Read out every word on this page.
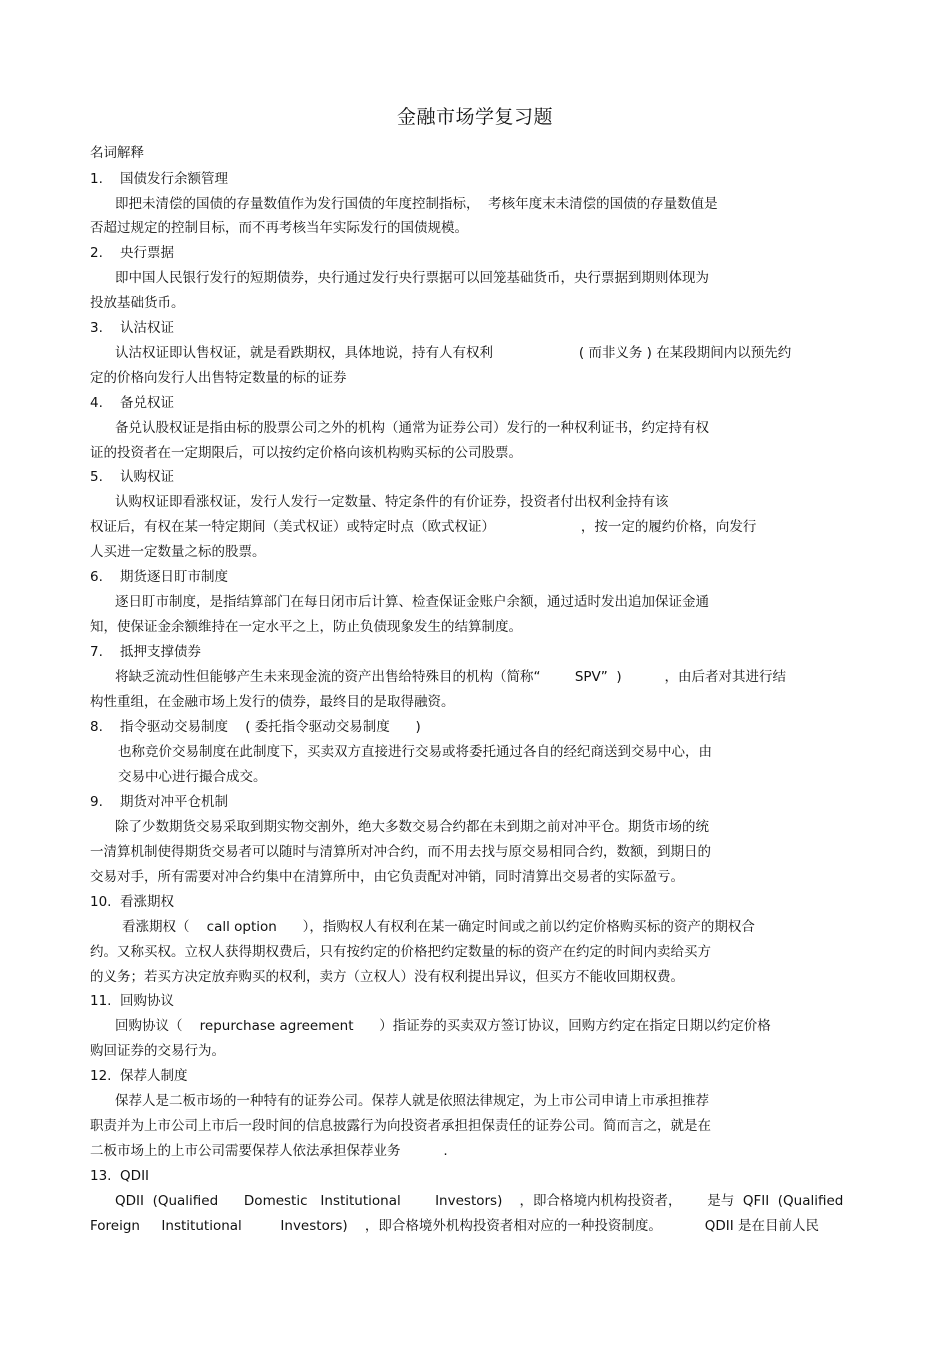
金融市场学复习题
名词解释
1.    国债发行余额管理
即把未清偿的国债的存量数值作为发行国债的年度控制指标，  考核年度末未清偿的国债的存量数值是
否超过规定的控制目标，而不再考核当年实际发行的国债规模。
2.    央行票据
即中国人民银行发行的短期债券，央行通过发行央行票据可以回笼基础货币，央行票据到期则体现为
投放基础货币。
3.    认沽权证
认沽权证即认售权证，就是看跌期权，具体地说，持有人有权利                    ( 而非义务 ) 在某段期间内以预先约
定的价格向发行人出售特定数量的标的证券
4.    备兑权证
备兑认股权证是指由标的股票公司之外的机构（通常为证券公司）发行的一种权利证书，约定持有权
证的投资者在一定期限后，可以按约定价格向该机构购买标的公司股票。
5.    认购权证
认购权证即看涨权证，发行人发行一定数量、特定条件的有价证券，投资者付出权利金持有该
权证后，有权在某一特定期间（美式权证）或特定时点（欧式权证）                    ，按一定的履约价格，向发行
人买进一定数量之标的股票。
6.    期货逐日盯市制度
逐日盯市制度，是指结算部门在每日闭市后计算、检查保证金账户余额，通过适时发出追加保证金通
知，使保证金余额维持在一定水平之上，防止负债现象发生的结算制度。
7.    抵押支撑债券
将缺乏流动性但能够产生未来现金流的资产出售给特殊目的机构（简称“        SPV”  )          ，由后者对其进行结
构性重组，在金融市场上发行的债券，最终目的是取得融资。
8.    指令驱动交易制度    ( 委托指令驱动交易制度      )
也称竞价交易制度在此制度下，买卖双方直接进行交易或将委托通过各自的经纪商送到交易中心，由
交易中心进行撮合成交。
9.    期货对冲平仓机制
除了少数期货交易采取到期实物交割外，绝大多数交易合约都在未到期之前对冲平仓。期货市场的统
一清算机制使得期货交易者可以随时与清算所对冲合约，而不用去找与原交易相同合约，数额，到期日的
交易对手，所有需要对冲合约集中在清算所中，由它负责配对冲销，同时清算出交易者的实际盈亏。
10.  看涨期权
看涨期权（    call option      ），指购权人有权利在某一确定时间或之前以约定价格购买标的资产的期权合
约。又称买权。立权人获得期权费后，只有按约定的价格把约定数量的标的资产在约定的时间内卖给买方
的义务；若买方决定放弃购买的权利，卖方（立权人）没有权利提出异议，但买方不能收回期权费。
11.  回购协议
回购协议（    repurchase agreement      ）指证券的买卖双方签订协议，回购方约定在指定日期以约定价格
购回证券的交易行为。
12.  保荐人制度
保荐人是二板市场的一种特有的证券公司。保荐人就是依照法律规定，为上市公司申请上市承担推荐
职责并为上市公司上市后一段时间的信息披露行为向投资者承担担保责任的证券公司。简而言之，就是在
二板市场上的上市公司需要保荐人依法承担保荐业务          .
13.  QDII
QDII  (Qualified      Domestic   Institutional        Investors)    ，即合格境内机构投资者，      是与  QFII  (Qualified
Foreign     Institutional         Investors)    ，即合格境外机构投资者相对应的一种投资制度。          QDII 是在目前人民
